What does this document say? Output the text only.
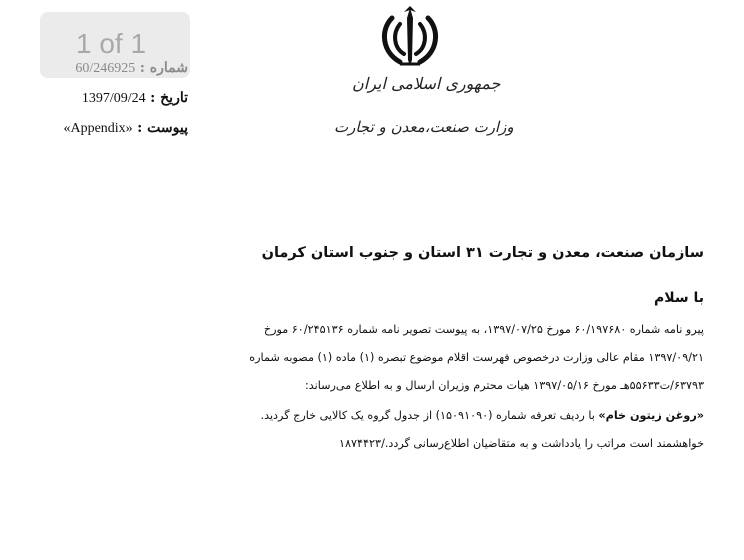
1 of 1
شماره : 60/246925
تاریخ : 1397/09/24
پیوست : «Appendix»
جمهوری اسلامی ایران
وزارت صنعت،معدن و تجارت
سازمان صنعت، معدن و تجارت ۳۱ استان و جنوب استان کرمان
با سلام
پیرو نامه شماره ۶۰/۱۹۷۶۸۰ مورخ ۱۳۹۷/۰۷/۲۵، به پیوست تصویر نامه شماره ۶۰/۲۴۵۱۳۶ مورخ
۱۳۹۷/۰۹/۲۱ مقام عالی وزارت درخصوص فهرست اقلام موضوع تبصره (۱) ماده (۱) مصوبه شماره
۶۳۷۹۳/ت۵۵۶۳۳هـ مورخ ۱۳۹۷/۰۵/۱۶ هیات محترم وزیران ارسال و به اطلاع می‌رساند:
«روغن زیتون خام» با ردیف تعرفه شماره (۱۵۰۹۱۰۹۰) از جدول گروه یک کالایی خارج گردید.
خواهشمند است مراتب را یادداشت و به متقاضیان اطلاع‌رسانی گردد./۱۸۷۴۴۲۳
